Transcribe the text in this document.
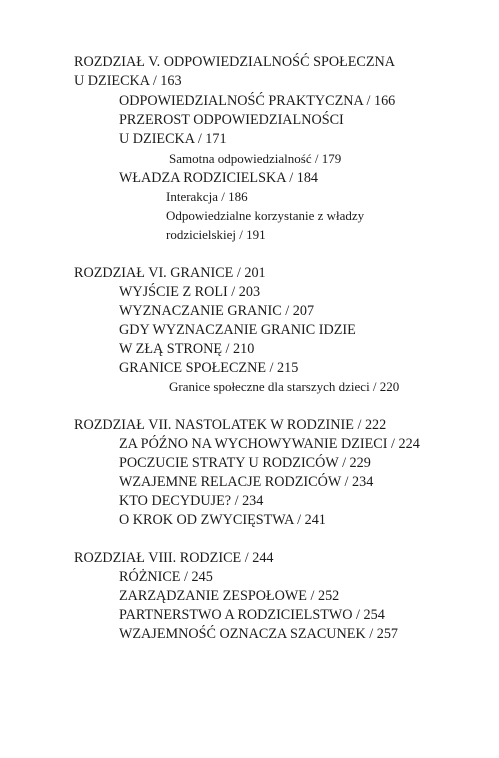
ROZDZIAŁ V. ODPOWIEDZIALNOŚĆ SPOŁECZNA
U DZIECKA / 163
ODPOWIEDZIALNOŚĆ PRAKTYCZNA / 166
PRZEROST ODPOWIEDZIALNOŚCI
U DZIECKA / 171
Samotna odpowiedzialność / 179
WŁADZA RODZICIELSKA / 184
Interakcja / 186
Odpowiedzialne korzystanie z władzy
rodzicielskiej / 191
ROZDZIAŁ VI. GRANICE / 201
WYJŚCIE Z ROLI / 203
WYZNACZANIE GRANIC / 207
GDY WYZNACZANIE GRANIC IDZIE
W ZŁĄ STRONĘ / 210
GRANICE SPOŁECZNE / 215
Granice społeczne dla starszych dzieci / 220
ROZDZIAŁ VII. NASTOLATEK W RODZINIE / 222
ZA PÓŹNO NA WYCHOWYWANIE DZIECI / 224
POCZUCIE STRATY U RODZICÓW / 229
WZAJEMNE RELACJE RODZICÓW / 234
KTO DECYDUJE? / 234
O KROK OD ZWYCIĘSTWA / 241
ROZDZIAŁ VIII. RODZICE / 244
RÓŻNICE / 245
ZARZĄDZANIE ZESPOŁOWE / 252
PARTNERSTWO A RODZICIELSTWO / 254
WZAJEMNOŚĆ OZNACZA SZACUNEK / 257
